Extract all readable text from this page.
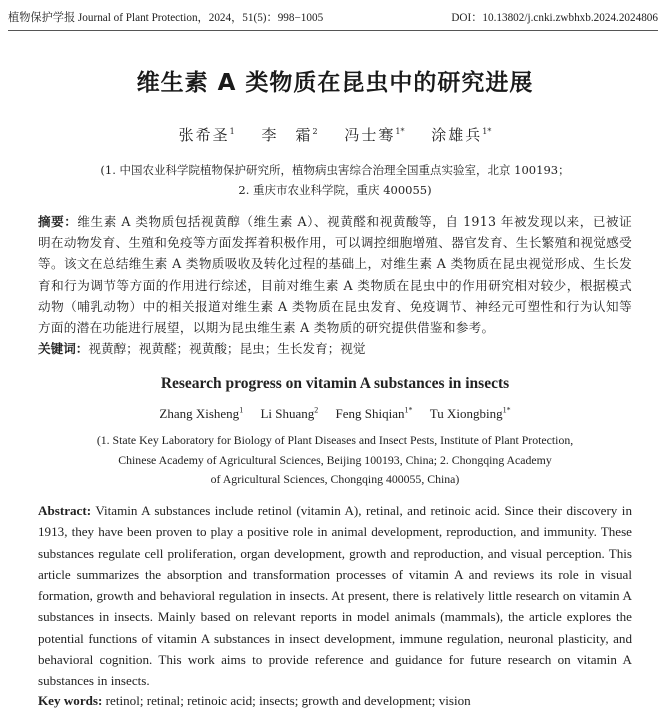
植物保护学报 Journal of Plant Protection，2024，51(5)：998−1005	DOI：10.13802/j.cnki.zwbhxb.2024.2024806
维生素 A 类物质在昆虫中的研究进展
张希圣$^1$ 李　霜$^2$ 冯士骞$^{1*}$ 涂雄兵$^{1*}$
(1. 中国农业科学院植物保护研究所，植物病虫害综合治理全国重点实验室，北京 100193；
2. 重庆市农业科学院，重庆 400055)
摘要：维生素 A 类物质包括视黄醇（维生素 A）、视黄醛和视黄酸等，自 1913 年被发现以来，已被证明在动物发育、生殖和免疫等方面发挥着积极作用，可以调控细胞增殖、器官发育、生长繁殖和视觉感受等。该文在总结维生素 A 类物质吸收及转化过程的基础上，对维生素 A 类物质在昆虫视觉形成、生长发育和行为调节等方面的作用进行综述，目前对维生素 A 类物质在昆虫中的作用研究相对较少，根据模式动物（哺乳动物）中的相关报道对维生素 A 类物质在昆虫发育、免疫调节、神经元可塑性和行为认知等方面的潜在功能进行展望，以期为昆虫维生素 A 类物质的研究提供借鉴和参考。
关键词：视黄醇；视黄醛；视黄酸；昆虫；生长发育；视觉
Research progress on vitamin A substances in insects
Zhang Xisheng$^1$ Li Shuang$^2$ Feng Shiqian$^{1*}$ Tu Xiongbing$^{1*}$
(1. State Key Laboratory for Biology of Plant Diseases and Insect Pests, Institute of Plant Protection,
Chinese Academy of Agricultural Sciences, Beijing 100193, China; 2. Chongqing Academy
of Agricultural Sciences, Chongqing 400055, China)
Abstract: Vitamin A substances include retinol (vitamin A), retinal, and retinoic acid. Since their discovery in 1913, they have been proven to play a positive role in animal development, reproduction, and immunity. These substances regulate cell proliferation, organ development, growth and reproduction, and visual perception. This article summarizes the absorption and transformation processes of vitamin A and reviews its role in visual formation, growth and behavioral regulation in insects. At present, there is relatively little research on vitamin A substances in insects. Mainly based on relevant reports in model animals (mammals), the article explores the potential functions of vitamin A substances in insect development, immune regulation, neuronal plasticity, and behavioral cognition. This work aims to provide reference and guidance for future research on vitamin A substances in insects.
Key words: retinol; retinal; retinoic acid; insects; growth and development; vision
